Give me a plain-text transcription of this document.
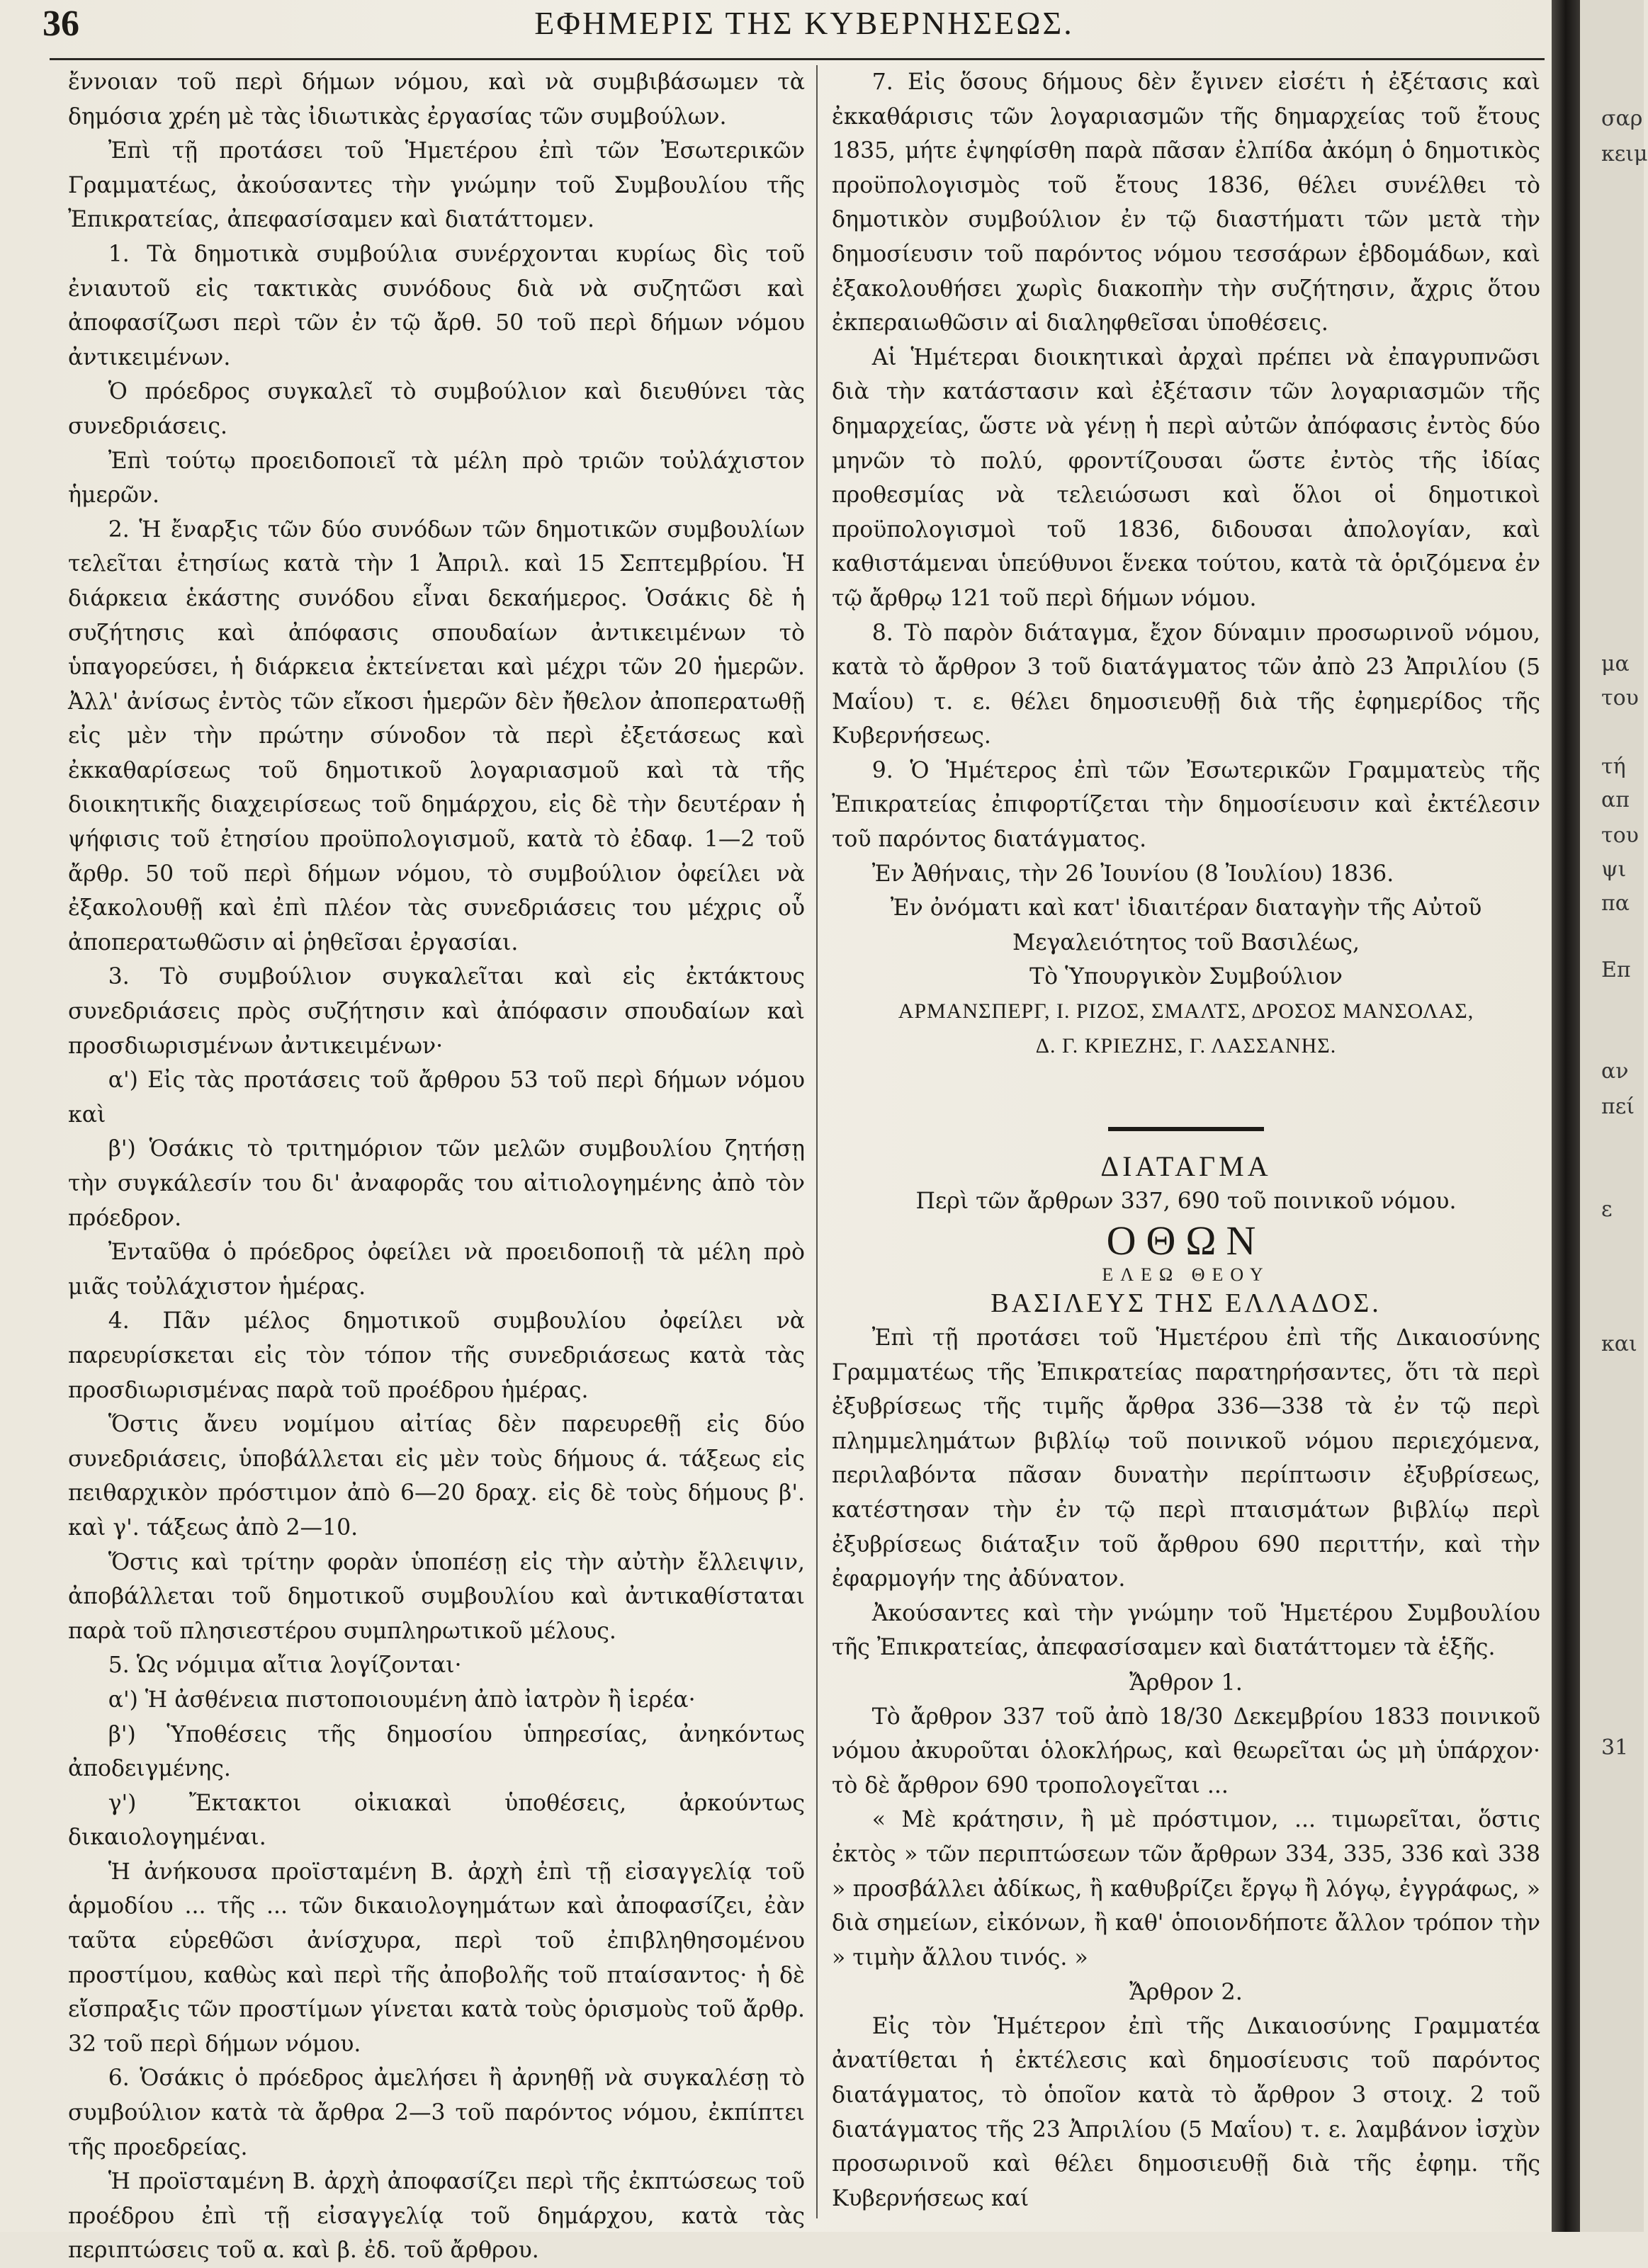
36	ΕΦΗΜΕΡΙΣ ΤΗΣ ΚΥΒΕΡΝΗΣΕΩΣ.

ἔννοιαν τοῦ περὶ δήμων νόμου, καὶ νὰ συμβιβάσωμεν τὰ δημόσια χρέη μὲ τὰς ἰδιωτικὰς ἐργασίας τῶν συμβούλων.

Ἐπὶ τῇ προτάσει τοῦ Ἡμετέρου ἐπὶ τῶν Ἐσωτερικῶν Γραμματέως, ἀκούσαντες τὴν γνώμην τοῦ Συμβουλίου τῆς Ἐπικρατείας, ἀπεφασίσαμεν καὶ διατάττομεν.

1. Τὰ δημοτικὰ συμβούλια συνέρχονται κυρίως δὶς τοῦ ἐνιαυτοῦ εἰς τακτικὰς συνόδους διὰ νὰ συζητῶσι καὶ ἀποφασίζωσι περὶ τῶν ἐν τῷ ἄρθ. 50 τοῦ περὶ δήμων νόμου ἀντικειμένων.

Ὁ πρόεδρος συγκαλεῖ τὸ συμβούλιον καὶ διευθύνει τὰς συνεδριάσεις.

Ἐπὶ τούτῳ προειδοποιεῖ τὰ μέλη πρὸ τριῶν τοὐλάχιστον ἡμερῶν.

2. Ἡ ἔναρξις τῶν δύο συνόδων τῶν δημοτικῶν συμβουλίων τελεῖται ἐτησίως κατὰ τὴν 1 Ἀπριλ. καὶ 15 Σεπτεμβρίου. Ἡ διάρκεια ἑκάστης συνόδου εἶναι δεκαήμερος. Ὁσάκις δὲ ἡ συζήτησις καὶ ἀπόφασις σπουδαίων ἀντικειμένων τὸ ὑπαγορεύσει, ἡ διάρκεια ἐκτείνεται καὶ μέχρι τῶν 20 ἡμερῶν. Ἀλλ' ἀνίσως ἐντὸς τῶν εἴκοσι ἡμερῶν δὲν ἤθελον ἀποπερατωθῇ εἰς μὲν τὴν πρώτην σύνοδον τὰ περὶ ἐξετάσεως καὶ ἐκκαθαρίσεως τοῦ δημοτικοῦ λογαριασμοῦ καὶ τὰ τῆς διοικητικῆς διαχειρίσεως τοῦ δημάρχου, εἰς δὲ τὴν δευτέραν ἡ ψήφισις τοῦ ἐτησίου προϋπολογισμοῦ, κατὰ τὸ ἐδαφ. 1—2 τοῦ ἄρθρ. 50 τοῦ περὶ δήμων νόμου, τὸ συμβούλιον ὀφείλει νὰ ἐξακολουθῇ καὶ ἐπὶ πλέον τὰς συνεδριάσεις του μέχρις οὗ ἀποπερατωθῶσιν αἱ ῥηθεῖσαι ἐργασίαι.

3. Τὸ συμβούλιον συγκαλεῖται καὶ εἰς ἐκτάκτους συνεδριάσεις πρὸς συζήτησιν καὶ ἀπόφασιν σπουδαίων καὶ προσδιωρισμένων ἀντικειμένων·

α') Εἰς τὰς προτάσεις τοῦ ἄρθρου 53 τοῦ περὶ δήμων νόμου καὶ

β') Ὁσάκις τὸ τριτημόριον τῶν μελῶν συμβουλίου ζητήσῃ τὴν συγκάλεσίν του δι' ἀναφορᾶς του αἰτιολογημένης ἀπὸ τὸν πρόεδρον.

Ἐνταῦθα ὁ πρόεδρος ὀφείλει νὰ προειδοποιῇ τὰ μέλη πρὸ μιᾶς τοὐλάχιστον ἡμέρας.

4. Πᾶν μέλος δημοτικοῦ συμβουλίου ὀφείλει νὰ παρευρίσκεται εἰς τὸν τόπον τῆς συνεδριάσεως κατὰ τὰς προσδιωρισμένας παρὰ τοῦ προέδρου ἡμέρας.

Ὅστις ἄνευ νομίμου αἰτίας δὲν παρευρεθῇ εἰς δύο συνεδριάσεις, ὑποβάλλεται εἰς μὲν τοὺς δήμους ά. τάξεως εἰς πειθαρχικὸν πρόστιμον ἀπὸ 6—20 δραχ. εἰς δὲ τοὺς δήμους β'. καὶ γ'. τάξεως ἀπὸ 2—10.

Ὅστις καὶ τρίτην φορὰν ὑποπέσῃ εἰς τὴν αὐτὴν ἔλλειψιν, ἀποβάλλεται τοῦ δημοτικοῦ συμβουλίου καὶ ἀντικαθίσταται παρὰ τοῦ πλησιεστέρου συμπληρωτικοῦ μέλους.

5. Ὡς νόμιμα αἴτια λογίζονται·

α') Ἡ ἀσθένεια πιστοποιουμένη ἀπὸ ἰατρὸν ἢ ἱερέα·

β') Ὑποθέσεις τῆς δημοσίου ὑπηρεσίας, ἀνηκόντως ἀποδειγμένης.

γ') Ἔκτακτοι οἰκιακαὶ ὑποθέσεις, ἀρκούντως δικαιολογημέναι.

Ἡ ἀνήκουσα προϊσταμένη Β. ἀρχὴ ἐπὶ τῇ εἰσαγγελίᾳ τοῦ ἁρμοδίου ... τῆς ... τῶν δικαιολογημάτων καὶ ἀποφασίζει, ἐὰν ταῦτα εὑρεθῶσι ἀνίσχυρα, περὶ τοῦ ἐπιβληθησομένου προστίμου, καθὼς καὶ περὶ τῆς ἀποβολῆς τοῦ πταίσαντος· ἡ δὲ εἴσπραξις τῶν προστίμων γίνεται κατὰ τοὺς ὁρισμοὺς τοῦ ἄρθρ. 32 τοῦ περὶ δήμων νόμου.

6. Ὁσάκις ὁ πρόεδρος ἀμελήσει ἢ ἀρνηθῇ νὰ συγκαλέσῃ τὸ συμβούλιον κατὰ τὰ ἄρθρα 2—3 τοῦ παρόντος νόμου, ἐκπίπτει τῆς προεδρείας.

Ἡ προϊσταμένη Β. ἀρχὴ ἀποφασίζει περὶ τῆς ἐκπτώσεως τοῦ προέδρου ἐπὶ τῇ εἰσαγγελίᾳ τοῦ δημάρχου, κατὰ τὰς περιπτώσεις τοῦ α. καὶ β. ἐδ. τοῦ ἄρθρου.

7. Εἰς ὅσους δήμους δὲν ἔγινεν εἰσέτι ἡ ἐξέτασις καὶ ἐκκαθάρισις τῶν λογαριασμῶν τῆς δημαρχείας τοῦ ἔτους 1835, μήτε ἐψηφίσθη παρὰ πᾶσαν ἐλπίδα ἀκόμη ὁ δημοτικὸς προϋπολογισμὸς τοῦ ἔτους 1836, θέλει συνέλθει τὸ δημοτικὸν συμβούλιον ἐν τῷ διαστήματι τῶν μετὰ τὴν δημοσίευσιν τοῦ παρόντος νόμου τεσσάρων ἑβδομάδων, καὶ ἐξακολουθήσει χωρὶς διακοπὴν τὴν συζήτησιν, ἄχρις ὅτου ἐκπεραιωθῶσιν αἱ διαληφθεῖσαι ὑποθέσεις.

Αἱ Ἡμέτεραι διοικητικαὶ ἀρχαὶ πρέπει νὰ ἐπαγρυπνῶσι διὰ τὴν κατάστασιν καὶ ἐξέτασιν τῶν λογαριασμῶν τῆς δημαρχείας, ὥστε νὰ γένῃ ἡ περὶ αὐτῶν ἀπόφασις ἐντὸς δύο μηνῶν τὸ πολύ, φροντίζουσαι ὥστε ἐντὸς τῆς ἰδίας προθεσμίας νὰ τελειώσωσι καὶ ὅλοι οἱ δημοτικοὶ προϋπολογισμοὶ τοῦ 1836, διδουσαι ἀπολογίαν, καὶ καθιστάμεναι ὑπεύθυνοι ἕνεκα τούτου, κατὰ τὰ ὁριζόμενα ἐν τῷ ἄρθρῳ 121 τοῦ περὶ δήμων νόμου.

8. Τὸ παρὸν διάταγμα, ἔχον δύναμιν προσωρινοῦ νόμου, κατὰ τὸ ἄρθρον 3 τοῦ διατάγματος τῶν ἀπὸ 23 Ἀπριλίου (5 Μαΐου) τ. ε. θέλει δημοσιευθῇ διὰ τῆς ἐφημερίδος τῆς Κυβερνήσεως.

9. Ὁ Ἡμέτερος ἐπὶ τῶν Ἐσωτερικῶν Γραμματεὺς τῆς Ἐπικρατείας ἐπιφορτίζεται τὴν δημοσίευσιν καὶ ἐκτέλεσιν τοῦ παρόντος διατάγματος.

Ἐν Ἀθήναις, τὴν 26 Ἰουνίου (8 Ἰουλίου) 1836.

Ἐν ὀνόματι καὶ κατ' ἰδιαιτέραν διαταγὴν τῆς Αὐτοῦ

Μεγαλειότητος τοῦ Βασιλέως,

Τὸ Ὑπουργικὸν Συμβούλιον

ΑΡΜΑΝΣΠΕΡΓ, Ι. ΡΙΖΟΣ, ΣΜΑΛΤΣ, ΔΡΟΣΟΣ ΜΑΝΣΟΛΑΣ,

Δ. Γ. ΚΡΙΕΖΗΣ, Γ. ΛΑΣΣΑΝΗΣ.

ΔΙΑΤΑΓΜΑ

Περὶ τῶν ἄρθρων 337, 690 τοῦ ποινικοῦ νόμου.

ΟΘΩΝ

ΕΛΕΩ ΘΕΟΥ

ΒΑΣΙΛΕΥΣ ΤΗΣ ΕΛΛΑΔΟΣ.

Ἐπὶ τῇ προτάσει τοῦ Ἡμετέρου ἐπὶ τῆς Δικαιοσύνης Γραμματέως τῆς Ἐπικρατείας παρατηρήσαντες, ὅτι τὰ περὶ ἐξυβρίσεως τῆς τιμῆς ἄρθρα 336—338 τὰ ἐν τῷ περὶ πλημμελημάτων βιβλίῳ τοῦ ποινικοῦ νόμου περιεχόμενα, περιλαβόντα πᾶσαν δυνατὴν περίπτωσιν ἐξυβρίσεως, κατέστησαν τὴν ἐν τῷ περὶ πταισμάτων βιβλίῳ περὶ ἐξυβρίσεως διάταξιν τοῦ ἄρθρου 690 περιττήν, καὶ τὴν ἐφαρμογήν της ἀδύνατον.

Ἀκούσαντες καὶ τὴν γνώμην τοῦ Ἡμετέρου Συμβουλίου τῆς Ἐπικρατείας, ἀπεφασίσαμεν καὶ διατάττομεν τὰ ἑξῆς.

Ἄρθρον 1.

Τὸ ἄρθρον 337 τοῦ ἀπὸ 18/30 Δεκεμβρίου 1833 ποινικοῦ νόμου ἀκυροῦται ὁλοκλήρως, καὶ θεωρεῖται ὡς μὴ ὑπάρχον· τὸ δὲ ἄρθρον 690 τροπολογεῖται ...

« Μὲ κράτησιν, ἢ μὲ πρόστιμον, ... τιμωρεῖται, ὅστις ἐκτὸς » τῶν περιπτώσεων τῶν ἄρθρων 334, 335, 336 καὶ 338 » προσβάλλει ἀδίκως, ἢ καθυβρίζει ἔργῳ ἢ λόγῳ, ἐγγράφως, » διὰ σημείων, εἰκόνων, ἢ καθ' ὁποιονδήποτε ἄλλον τρόπον τὴν » τιμὴν ἄλλου τινός. »

Ἄρθρον 2.

Εἰς τὸν Ἡμέτερον ἐπὶ τῆς Δικαιοσύνης Γραμματέα ἀνατίθεται ἡ ἐκτέλεσις καὶ δημοσίευσις τοῦ παρόντος διατάγματος, τὸ ὁποῖον κατὰ τὸ ἄρθρον 3 στοιχ. 2 τοῦ διατάγματος τῆς 23 Ἀπριλίου (5 Μαΐου) τ. ε. λαμβάνον ἰσχὺν προσωρινοῦ καὶ θέλει δημοσιευθῇ διὰ τῆς ἐφημ. τῆς Κυβερνήσεως καί

σαρ
κειμ
μα
του
τή
απ
του
ψι
πα
Επ
αν
πεί
ε
και
31
